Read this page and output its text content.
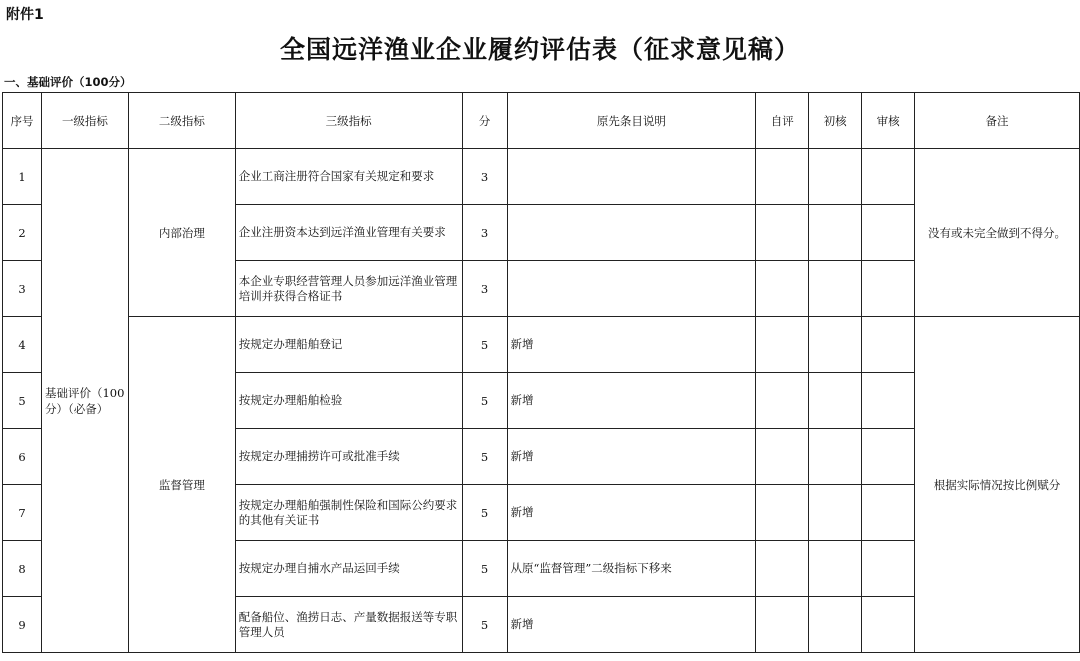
附件1
全国远洋渔业企业履约评估表（征求意见稿）
一、基础评价（100分）
序号	一级指标	二级指标	三级指标	分	原先条目说明	自评	初核	审核	备注
1	基础评价（100分）（必备）	内部治理	企业工商注册符合国家有关规定和要求	3					没有或未完全做到不得分。
2			企业注册资本达到远洋渔业管理有关要求	3					
3			本企业专职经营管理人员参加远洋渔业管理培训并获得合格证书	3					
4		监督管理	按规定办理船舶登记	5	新增				根据实际情况按比例赋分
5			按规定办理船舶检验	5	新增				
6			按规定办理捕捞许可或批准手续	5	新增				
7			按规定办理船舶强制性保险和国际公约要求的其他有关证书	5	新增				
8			按规定办理自捕水产品运回手续	5	从原“监督管理”二级指标下移来				
9			配备船位、渔捞日志、产量数据报送等专职管理人员	5	新增				
